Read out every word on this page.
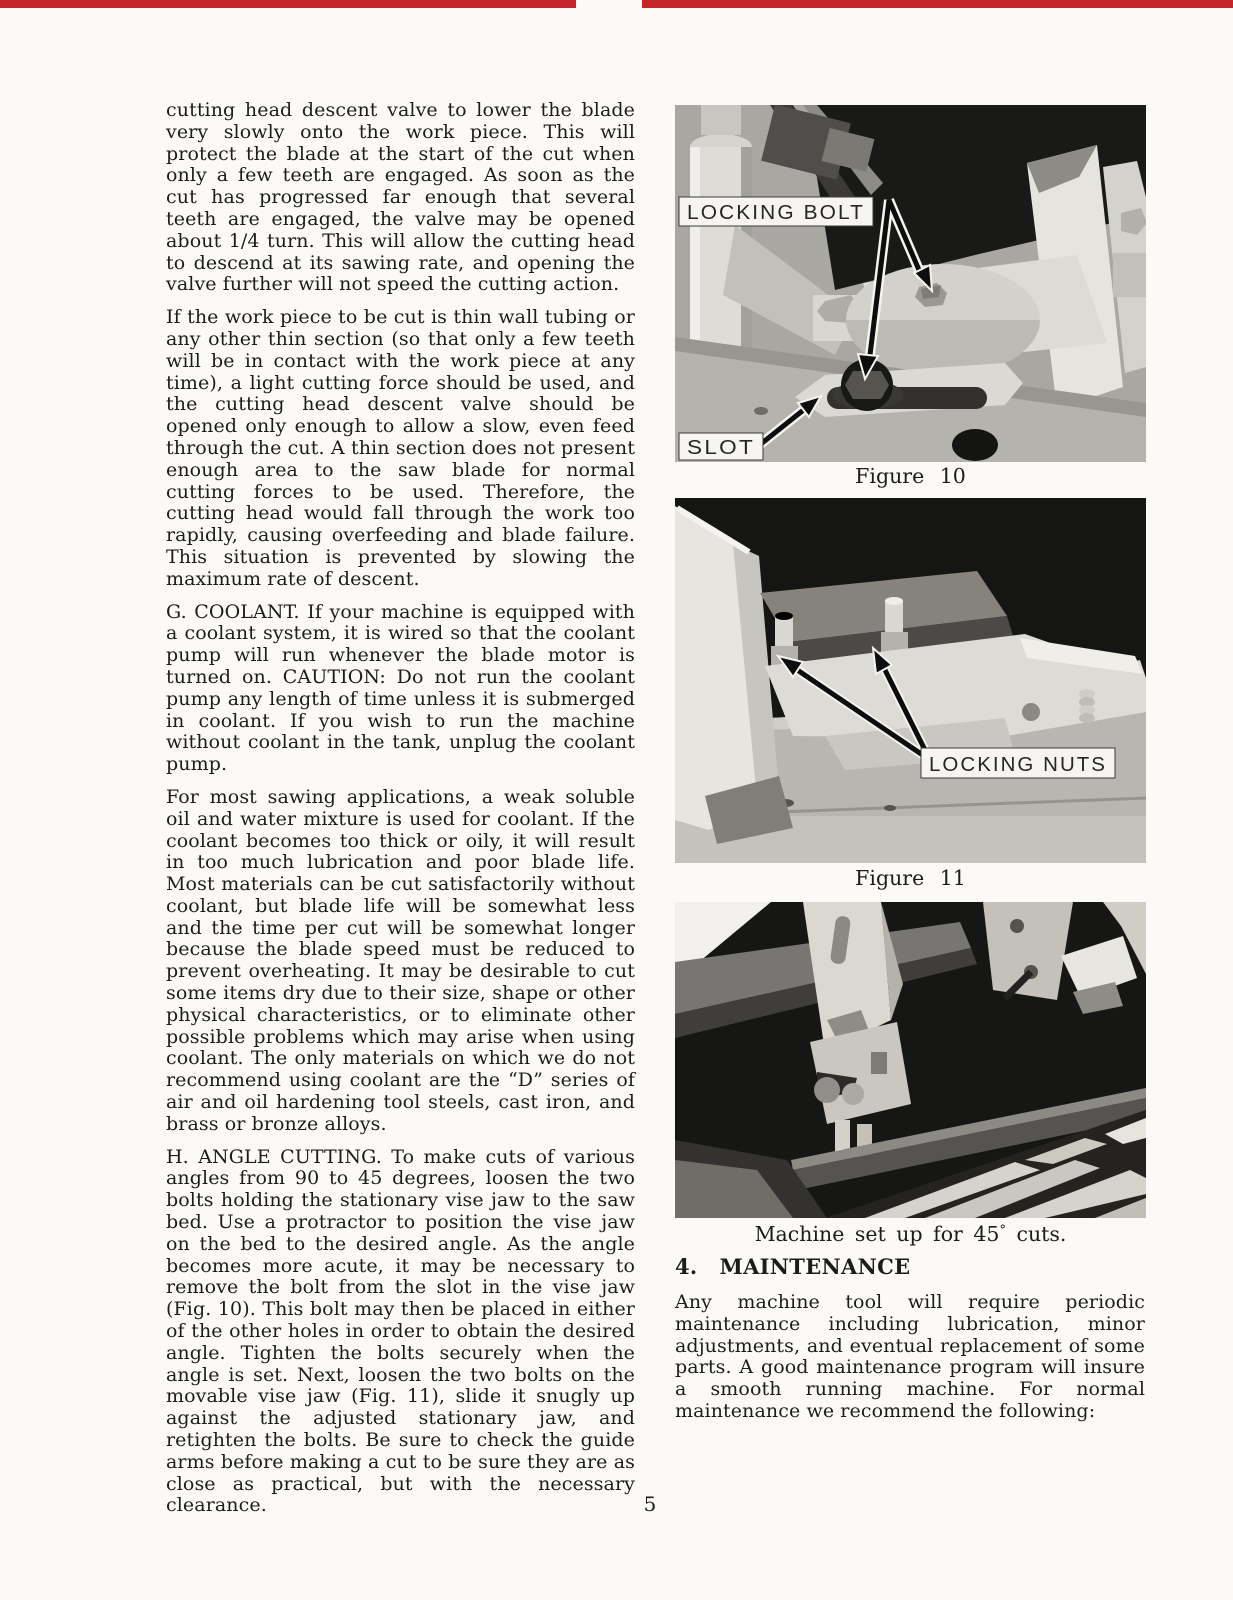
cutting head descent valve to lower the blade very slowly onto the work piece. This will protect the blade at the start of the cut when only a few teeth are engaged. As soon as the cut has progressed far enough that several teeth are engaged, the valve may be opened about 1/4 turn. This will allow the cutting head to descend at its sawing rate, and opening the valve further will not speed the cutting action.

If the work piece to be cut is thin wall tubing or any other thin section (so that only a few teeth will be in contact with the work piece at any time), a light cutting force should be used, and the cutting head descent valve should be opened only enough to allow a slow, even feed through the cut. A thin section does not present enough area to the saw blade for normal cutting forces to be used. Therefore, the cutting head would fall through the work too rapidly, causing overfeeding and blade failure. This situation is prevented by slowing the maximum rate of descent.

G. COOLANT. If your machine is equipped with a coolant system, it is wired so that the coolant pump will run whenever the blade motor is turned on. CAUTION: Do not run the coolant pump any length of time unless it is submerged in coolant. If you wish to run the machine without coolant in the tank, unplug the coolant pump.

For most sawing applications, a weak soluble oil and water mixture is used for coolant. If the coolant becomes too thick or oily, it will result in too much lubrication and poor blade life. Most materials can be cut satisfactorily without coolant, but blade life will be somewhat less and the time per cut will be somewhat longer because the blade speed must be reduced to prevent overheating. It may be desirable to cut some items dry due to their size, shape or other physical characteristics, or to eliminate other possible problems which may arise when using coolant. The only materials on which we do not recommend using coolant are the “D” series of air and oil hardening tool steels, cast iron, and brass or bronze alloys.

H. ANGLE CUTTING. To make cuts of various angles from 90 to 45 degrees, loosen the two bolts holding the stationary vise jaw to the saw bed. Use a protractor to position the vise jaw on the bed to the desired angle. As the angle becomes more acute, it may be necessary to remove the bolt from the slot in the vise jaw (Fig. 10). This bolt may then be placed in either of the other holes in order to obtain the desired angle. Tighten the bolts securely when the angle is set. Next, loosen the two bolts on the movable vise jaw (Fig. 11), slide it snugly up against the adjusted stationary jaw, and retighten the bolts. Be sure to check the guide arms before making a cut to be sure they are as close as practical, but with the necessary clearance.

LOCKING BOLT
SLOT
Figure 10
LOCKING NUTS
Figure 11
Machine set up for 45° cuts.
4. MAINTENANCE

Any machine tool will require periodic maintenance including lubrication, minor adjustments, and eventual replacement of some parts. A good maintenance program will insure a smooth running machine. For normal maintenance we recommend the following:

5
